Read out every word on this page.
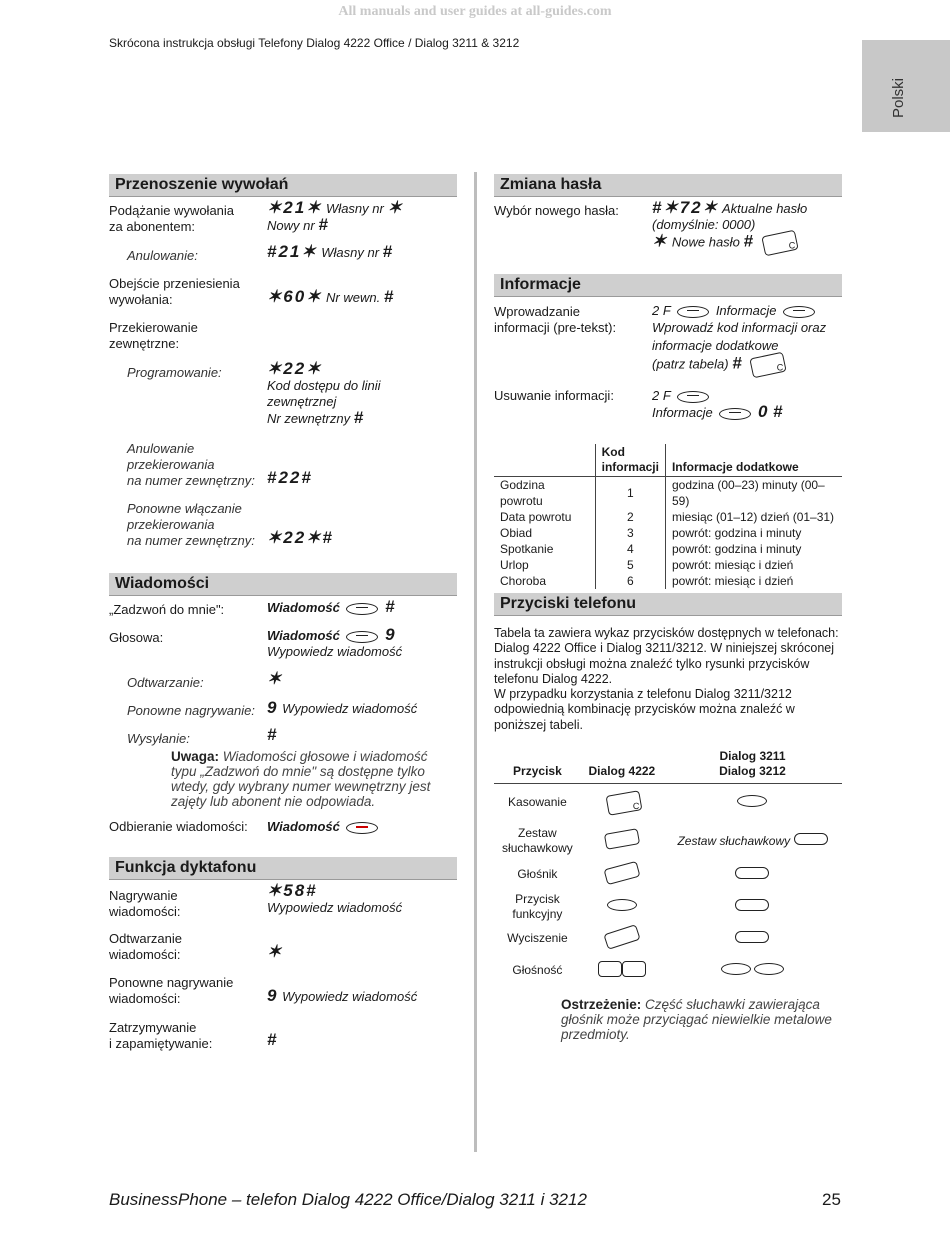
All manuals and user guides at all-guides.com
Skrócona instrukcja obsługi Telefony Dialog 4222 Office / Dialog 3211 & 3212
Polski
Przenoszenie wywołań
Podążanie wywołania
za abonentem:
✶21✶ Własny nr ✶
Nowy nr #
Anulowanie:	#21✶ Własny nr #
Obejście przeniesienia
wywołania:	✶60✶ Nr wewn. #
Przekierowanie
zewnętrzne:
Programowanie:	✶22✶
Kod dostępu do linii
zewnętrznej
Nr zewnętrzny #
Anulowanie
przekierowania
na numer zewnętrzny: #22#
Ponowne włączanie
przekierowania
na numer zewnętrzny: ✶22✶#
Wiadomości
„Zadzwoń do mnie":	Wiadomość	#
Głosowa:	Wiadomość	9
Wypowiedz wiadomość
Odtwarzanie:	✶
Ponowne nagrywanie: 9 Wypowiedz wiadomość
Wysyłanie:	#
Uwaga: Wiadomości głosowe i wiadomość typu „Zadzwoń do mnie" są dostępne tylko wtedy, gdy wybrany numer wewnętrzny jest zajęty lub abonent nie odpowiada.
Odbieranie wiadomości: Wiadomość
Funkcja dyktafonu
Nagrywanie
wiadomości:
✶58#
Wypowiedz wiadomość
Odtwarzanie
wiadomości:	✶
Ponowne nagrywanie
wiadomości:	9 Wypowiedz wiadomość
Zatrzymywanie
i zapamiętywanie:	#
Zmiana hasła
Wybór nowego hasła: #✶72✶ Aktualne hasło
(domyślnie: 0000)
✶ Nowe hasło # C
Informacje
Wprowadzanie
informacji (pre-tekst):
2 F	Informacje
Wprowadź kod informacji oraz
informacje dodatkowe
(patrz tabela) # C
Usuwanie informacji:	2 F
Informacje	0 #
	Kod
informacji	Informacje dodatkowe
Godzina powrotu	1	godzina (00–23) minuty (00–59)
Data powrotu	2	miesiąc (01–12) dzień (01–31)
Obiad	3	powrót: godzina i minuty
Spotkanie	4	powrót: godzina i minuty
Urlop	5	powrót: miesiąc i dzień
Choroba	6	powrót: miesiąc i dzień
Przyciski telefonu
Tabela ta zawiera wykaz przycisków dostępnych w telefonach: Dialog 4222 Office i Dialog 3211/3212. W niniejszej skróconej instrukcji obsługi można znaleźć tylko rysunki przycisków telefonu Dialog 4222.
W przypadku korzystania z telefonu Dialog 3211/3212 odpowiednią kombinację przycisków można znaleźć w poniższej tabeli.
Przycisk	Dialog 4222	Dialog 3211
Dialog 3212
Kasowanie	C	
Zestaw
słuchawkowy		Zestaw słuchawkowy
Głośnik		
Przycisk
funkcyjny		
Wyciszenie		
Głośność		
Ostrzeżenie: Część słuchawki zawierająca głośnik może przyciągać niewielkie metalowe przedmioty.
BusinessPhone – telefon Dialog 4222 Office/Dialog 3211 i 3212	25
